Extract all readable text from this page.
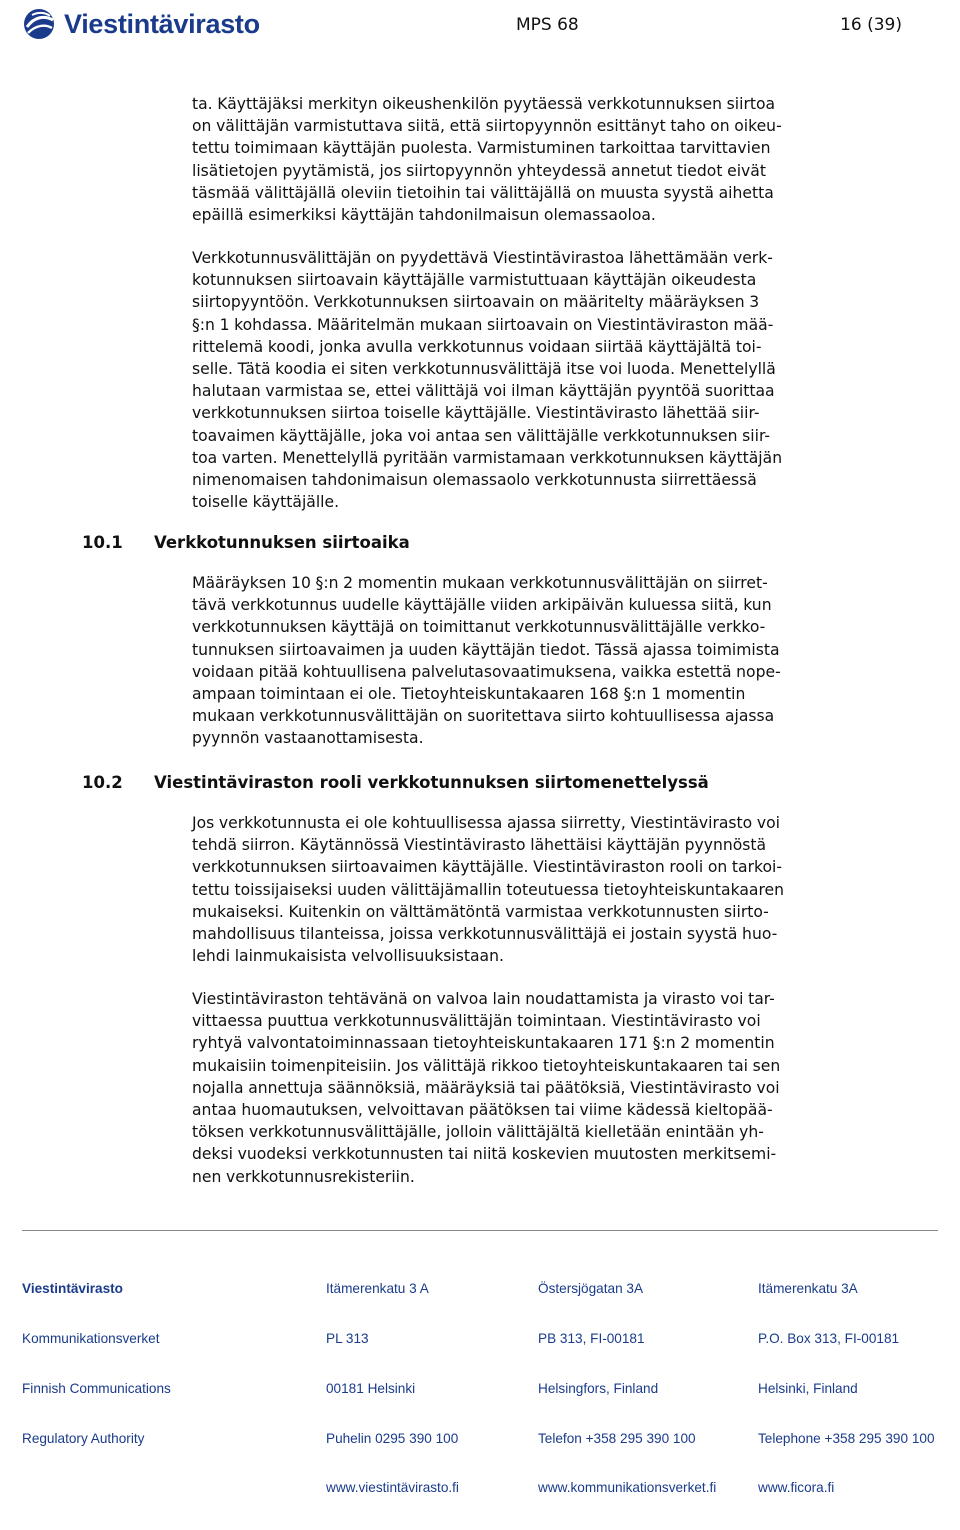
Viestintävirasto	MPS 68	16 (39)

ta. Käyttäjäksi merkityn oikeushenkilön pyytäessä verkkotunnuksen siirtoa
on välittäjän varmistuttava siitä, että siirtopyynnön esittänyt taho on oikeu-
tettu toimimaan käyttäjän puolesta. Varmistuminen tarkoittaa tarvittavien
lisätietojen pyytämistä, jos siirtopyynnön yhteydessä annetut tiedot eivät
täsmää välittäjällä oleviin tietoihin tai välittäjällä on muusta syystä aihetta
epäillä esimerkiksi käyttäjän tahdonilmaisun olemassaoloa.

Verkkotunnusvälittäjän on pyydettävä Viestintävirastoa lähettämään verk-
kotunnuksen siirtoavain käyttäjälle varmistuttuaan käyttäjän oikeudesta
siirtopyyntöön. Verkkotunnuksen siirtoavain on määritelty määräyksen 3
§:n 1 kohdassa. Määritelmän mukaan siirtoavain on Viestintäviraston mää-
rittelemä koodi, jonka avulla verkkotunnus voidaan siirtää käyttäjältä toi-
selle. Tätä koodia ei siten verkkotunnusvälittäjä itse voi luoda. Menettelyllä
halutaan varmistaa se, ettei välittäjä voi ilman käyttäjän pyyntöä suorittaa
verkkotunnuksen siirtoa toiselle käyttäjälle. Viestintävirasto lähettää siir-
toavaimen käyttäjälle, joka voi antaa sen välittäjälle verkkotunnuksen siir-
toa varten. Menettelyllä pyritään varmistamaan verkkotunnuksen käyttäjän
nimenomaisen tahdonimaisun olemassaolo verkkotunnusta siirrettäessä
toiselle käyttäjälle.

10.1 Verkkotunnuksen siirtoaika

Määräyksen 10 §:n 2 momentin mukaan verkkotunnusvälittäjän on siirret-
tävä verkkotunnus uudelle käyttäjälle viiden arkipäivän kuluessa siitä, kun
verkkotunnuksen käyttäjä on toimittanut verkkotunnusvälittäjälle verkko-
tunnuksen siirtoavaimen ja uuden käyttäjän tiedot. Tässä ajassa toimimista
voidaan pitää kohtuullisena palvelutasovaatimuksena, vaikka estettä nope-
ampaan toimintaan ei ole. Tietoyhteiskuntakaaren 168 §:n 1 momentin
mukaan verkkotunnusvälittäjän on suoritettava siirto kohtuullisessa ajassa
pyynnön vastaanottamisesta.

10.2 Viestintäviraston rooli verkkotunnuksen siirtomenettelyssä

Jos verkkotunnusta ei ole kohtuullisessa ajassa siirretty, Viestintävirasto voi
tehdä siirron. Käytännössä Viestintävirasto lähettäisi käyttäjän pyynnöstä
verkkotunnuksen siirtoavaimen käyttäjälle. Viestintäviraston rooli on tarkoi-
tettu toissijaiseksi uuden välittäjämallin toteutuessa tietoyhteiskuntakaaren
mukaiseksi. Kuitenkin on välttämätöntä varmistaa verkkotunnusten siirto-
mahdollisuus tilanteissa, joissa verkkotunnusvälittäjä ei jostain syystä huo-
lehdi lainmukaisista velvollisuuksistaan.

Viestintäviraston tehtävänä on valvoa lain noudattamista ja virasto voi tar-
vittaessa puuttua verkkotunnusvälittäjän toimintaan. Viestintävirasto voi
ryhtyä valvontatoiminnassaan tietoyhteiskuntakaaren 171 §:n 2 momentin
mukaisiin toimenpiteisiin. Jos välittäjä rikkoo tietoyhteiskuntakaaren tai sen
nojalla annettuja säännöksiä, määräyksiä tai päätöksiä, Viestintävirasto voi
antaa huomautuksen, velvoittavan päätöksen tai viime kädessä kieltopää-
töksen verkkotunnusvälittäjälle, jolloin välittäjältä kielletään enintään yh-
deksi vuodeksi verkkotunnusten tai niitä koskevien muutosten merkitsemi-
nen verkkotunnusrekisteriin.

Viestintävirasto

Kommunikationsverket

Finnish Communications

Regulatory Authority

Itämerenkatu 3 A

PL 313

00181 Helsinki

Puhelin 0295 390 100

www.viestintävirasto.fi

Östersjögatan 3A

PB 313, FI-00181

Helsingfors, Finland

Telefon +358 295 390 100

www.kommunikationsverket.fi

Itämerenkatu 3A

P.O. Box 313, FI-00181

Helsinki, Finland

Telephone +358 295 390 100

www.ficora.fi
